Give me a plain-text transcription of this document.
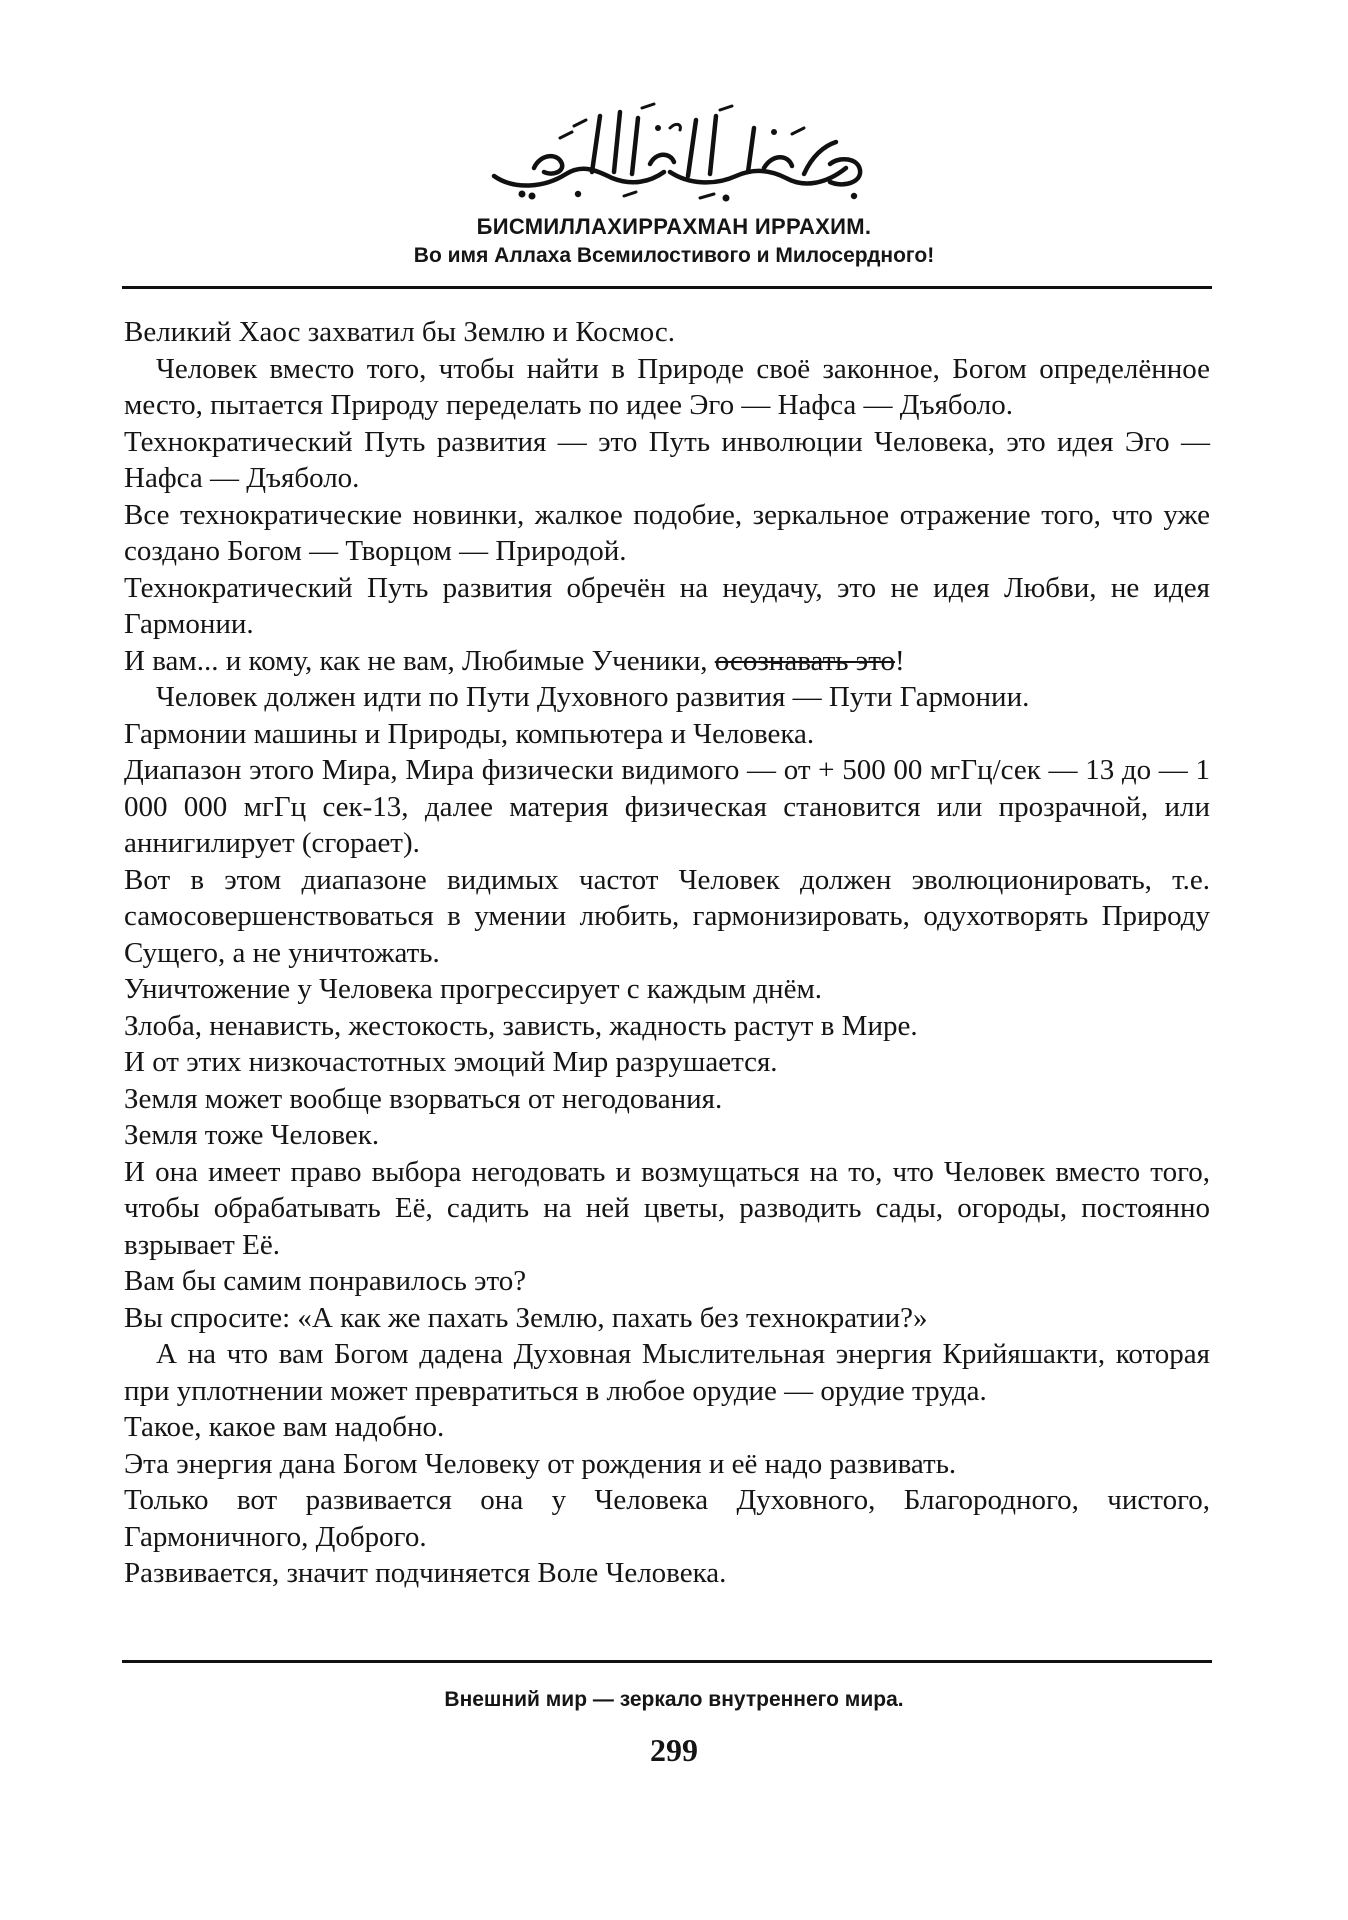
БИСМИЛЛАХИРРАХМАН ИРРАХИМ.
Во имя Аллаха Всемилостивого и Милосердного!

Великий Хаос захватил бы Землю и Космос.

Человек вместо того, чтобы найти в Природе своё законное, Богом определённое место, пытается Природу переделать по идее Эго — Нафса — Дъяболо.

Технократический Путь развития — это Путь инволюции Человека, это идея Эго — Нафса — Дъяболо.

Все технократические новинки, жалкое подобие, зеркальное отражение того, что уже создано Богом — Творцом — Природой.

Технократический Путь развития обречён на неудачу, это не идея Любви, не идея Гармонии.

И вам... и кому, как не вам, Любимые Ученики, осознавать это!

Человек должен идти по Пути Духовного развития — Пути Гармонии.

Гармонии машины и Природы, компьютера и Человека.

Диапазон этого Мира, Мира физически видимого — от + 500 00 мгГц/сек — 13 до — 1 000 000 мгГц сек-13, далее материя физическая становится или прозрачной, или аннигилирует (сгорает).

Вот в этом диапазоне видимых частот Человек должен эволюционировать, т.е. самосовершенствоваться в умении любить, гармонизировать, одухотворять Природу Сущего, а не уничтожать.

Уничтожение у Человека прогрессирует с каждым днём.

Злоба, ненависть, жестокость, зависть, жадность растут в Мире.

И от этих низкочастотных эмоций Мир разрушается.

Земля может вообще взорваться от негодования.

Земля тоже Человек.

И она имеет право выбора негодовать и возмущаться на то, что Человек вместо того, чтобы обрабатывать Её, садить на ней цветы, разводить сады, огороды, постоянно взрывает Её.

Вам бы самим понравилось это?

Вы спросите: «А как же пахать Землю, пахать без технократии?»

А на что вам Богом дадена Духовная Мыслительная энергия Крийяшакти, которая при уплотнении может превратиться в любое орудие — орудие труда.

Такое, какое вам надобно.

Эта энергия дана Богом Человеку от рождения и её надо развивать.

Только вот развивается она у Человека Духовного, Благородного, чистого, Гармоничного, Доброго.

Развивается, значит подчиняется Воле Человека.

Внешний мир — зеркало внутреннего мира.
299
